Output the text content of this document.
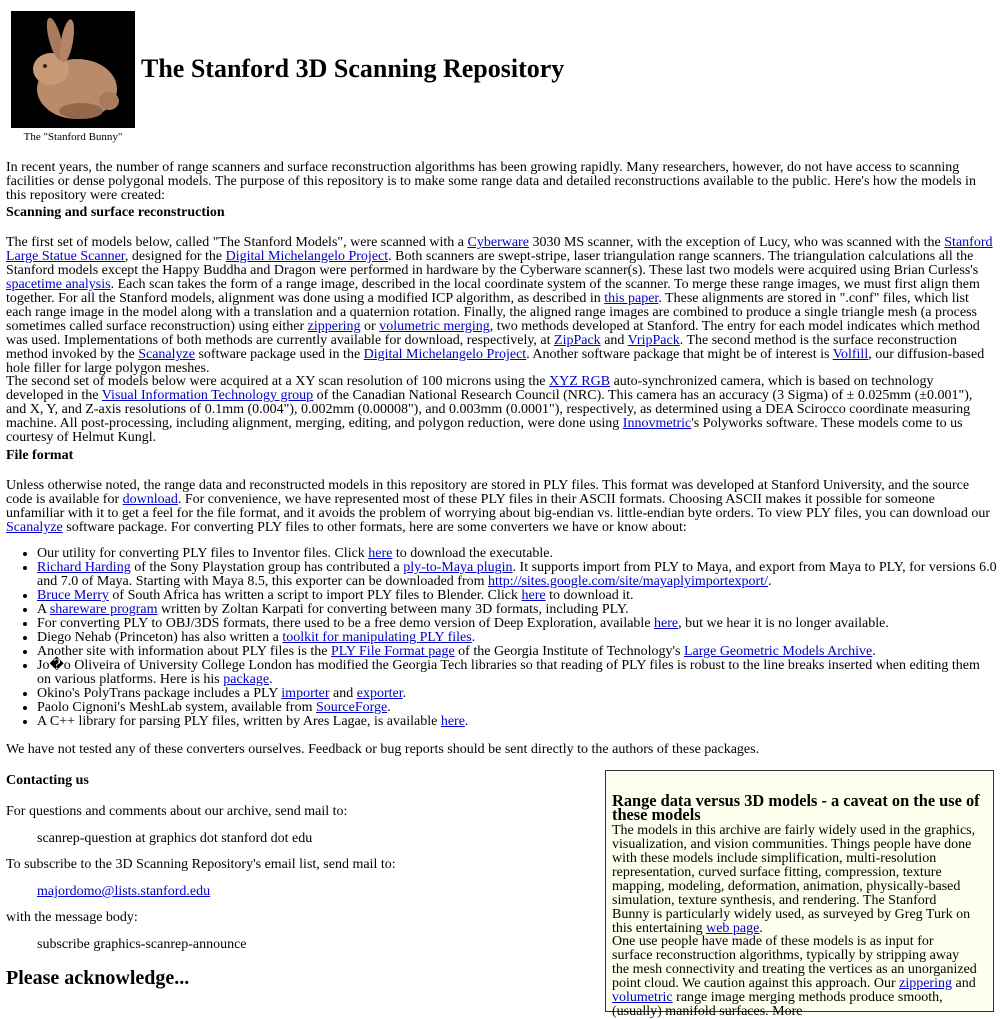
The "Stanford Bunny"
The Stanford 3D Scanning Repository

In recent years, the number of range scanners and surface reconstruction algorithms has been growing rapidly. Many researchers, however, do not have access to scanning facilities or dense polygonal models. The purpose of this repository is to make some range data and detailed reconstructions available to the public. Here's how the models in this repository were created:

Scanning and surface reconstruction

The first set of models below, called "The Stanford Models", were scanned with a Cyberware 3030 MS scanner, with the exception of Lucy, who was scanned with the Stanford Large Statue Scanner, designed for the Digital Michelangelo Project. Both scanners are swept-stripe, laser triangulation range scanners. The triangulation calculations all the Stanford models except the Happy Buddha and Dragon were performed in hardware by the Cyberware scanner(s). These last two models were acquired using Brian Curless's spacetime analysis. Each scan takes the form of a range image, described in the local coordinate system of the scanner. To merge these range images, we must first align them together. For all the Stanford models, alignment was done using a modified ICP algorithm, as described in this paper. These alignments are stored in ".conf" files, which list each range image in the model along with a translation and a quaternion rotation. Finally, the aligned range images are combined to produce a single triangle mesh (a process sometimes called surface reconstruction) using either zippering or volumetric merging, two methods developed at Stanford. The entry for each model indicates which method was used. Implementations of both methods are currently available for download, respectively, at ZipPack and VripPack. The second method is the surface reconstruction method invoked by the Scanalyze software package used in the Digital Michelangelo Project. Another software package that might be of interest is Volfill, our diffusion-based hole filler for large polygon meshes.

The second set of models below were acquired at a XY scan resolution of 100 microns using the XYZ RGB auto-synchronized camera, which is based on technology developed in the Visual Information Technology group of the Canadian National Research Council (NRC). This camera has an accuracy (3 Sigma) of ± 0.025mm (±0.001"), and X, Y, and Z-axis resolutions of 0.1mm (0.004"), 0.002mm (0.00008"), and 0.003mm (0.0001"), respectively, as determined using a DEA Scirocco coordinate measuring machine. All post-processing, including alignment, merging, editing, and polygon reduction, were done using Innovmetric's Polyworks software. These models come to us courtesy of Helmut Kungl.

File format

Unless otherwise noted, the range data and reconstructed models in this repository are stored in PLY files. This format was developed at Stanford University, and the source code is available for download. For convenience, we have represented most of these PLY files in their ASCII formats. Choosing ASCII makes it possible for someone unfamiliar with it to get a feel for the file format, and it avoids the problem of worrying about big-endian vs. little-endian byte orders. To view PLY files, you can download our Scanalyze software package. For converting PLY files to other formats, here are some converters we have or know about:

• Our utility for converting PLY files to Inventor files. Click here to download the executable.
• Richard Harding of the Sony Playstation group has contributed a ply-to-Maya plugin. It supports import from PLY to Maya, and export from Maya to PLY, for versions 6.0 and 7.0 of Maya. Starting with Maya 8.5, this exporter can be downloaded from http://sites.google.com/site/mayaplyimportexport/.
• Bruce Merry of South Africa has written a script to import PLY files to Blender. Click here to download it.
• A shareware program written by Zoltan Karpati for converting between many 3D formats, including PLY.
• For converting PLY to OBJ/3DS formats, there used to be a free demo version of Deep Exploration, available here, but we hear it is no longer available.
• Diego Nehab (Princeton) has also written a toolkit for manipulating PLY files.
• Another site with information about PLY files is the PLY File Format page of the Georgia Institute of Technology's Large Geometric Models Archive.
• Jo�o Oliveira of University College London has modified the Georgia Tech libraries so that reading of PLY files is robust to the line breaks inserted when editing them on various platforms. Here is his package.
• Okino's PolyTrans package includes a PLY importer and exporter.
• Paolo Cignoni's MeshLab system, available from SourceForge.
• A C++ library for parsing PLY files, written by Ares Lagae, is available here.

We have not tested any of these converters ourselves. Feedback or bug reports should be sent directly to the authors of these packages.

Contacting us

For questions and comments about our archive, send mail to:

scanrep-question at graphics dot stanford dot edu

To subscribe to the 3D Scanning Repository's email list, send mail to:

majordomo@lists.stanford.edu

with the message body:

subscribe graphics-scanrep-announce

Please acknowledge...
Range data versus 3D models - a caveat on the use of these models

The models in this archive are fairly widely used in the graphics, visualization, and vision communities. Things people have done with these models include simplification, multi-resolution representation, curved surface fitting, compression, texture mapping, modeling, deformation, animation, physically-based simulation, texture synthesis, and rendering. The Stanford Bunny is particularly widely used, as surveyed by Greg Turk on this entertaining web page.

One use people have made of these models is as input for surface reconstruction algorithms, typically by stripping away the mesh connectivity and treating the vertices as an unorganized point cloud. We caution against this approach. Our zippering and volumetric range image merging methods produce smooth, (usually) manifold surfaces. More
